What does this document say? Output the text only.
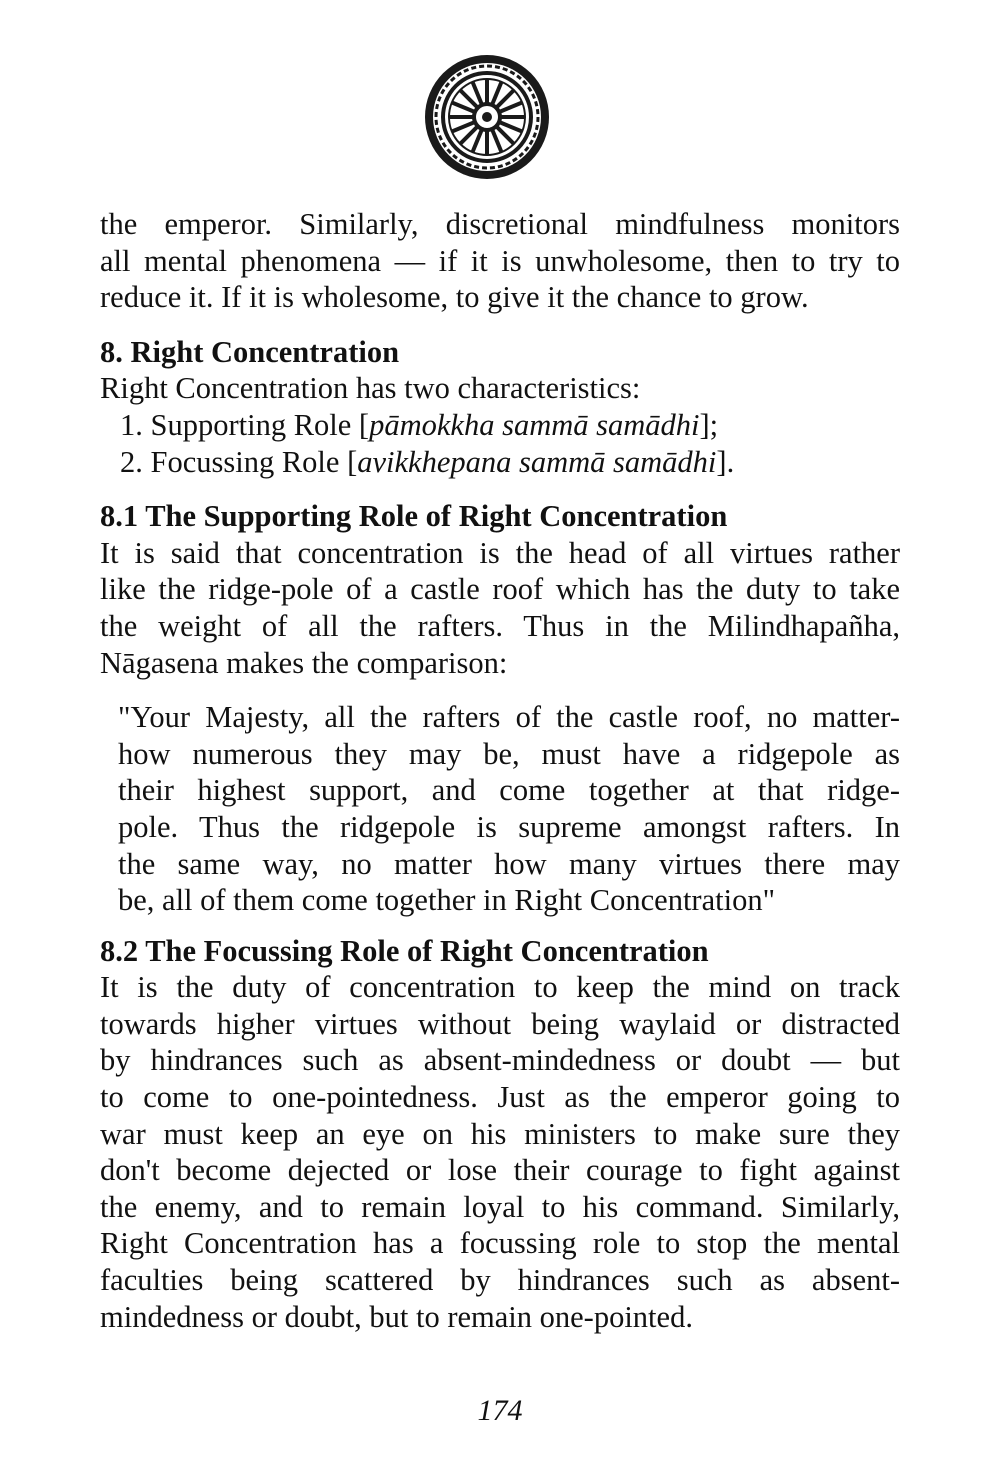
the emperor. Similarly, discretional mindfulness monitors
all mental phenomena — if it is unwholesome, then to try to
reduce it. If it is wholesome, to give it the chance to grow.
8. Right Concentration
Right Concentration has two characteristics:
1. Supporting Role [pāmokkha sammā samādhi];
2. Focussing Role [avikkhepana sammā samādhi].
8.1 The Supporting Role of Right Concentration
It is said that concentration is the head of all virtues rather
like the ridge-pole of a castle roof which has the duty to take
the weight of all the rafters. Thus in the Milindhapañha,
Nāgasena makes the comparison:
"Your Majesty, all the rafters of the castle roof, no matter-
how numerous they may be, must have a ridgepole as
their highest support, and come together at that ridge-
pole. Thus the ridgepole is supreme amongst rafters. In
the same way, no matter how many virtues there may
be, all of them come together in Right Concentration"
8.2 The Focussing Role of Right Concentration
It is the duty of concentration to keep the mind on track
towards higher virtues without being waylaid or distracted
by hindrances such as absent-mindedness or doubt — but
to come to one-pointedness. Just as the emperor going to
war must keep an eye on his ministers to make sure they
don't become dejected or lose their courage to fight against
the enemy, and to remain loyal to his command. Similarly,
Right Concentration has a focussing role to stop the mental
faculties being scattered by hindrances such as absent-
mindedness or doubt, but to remain one-pointed.
174
